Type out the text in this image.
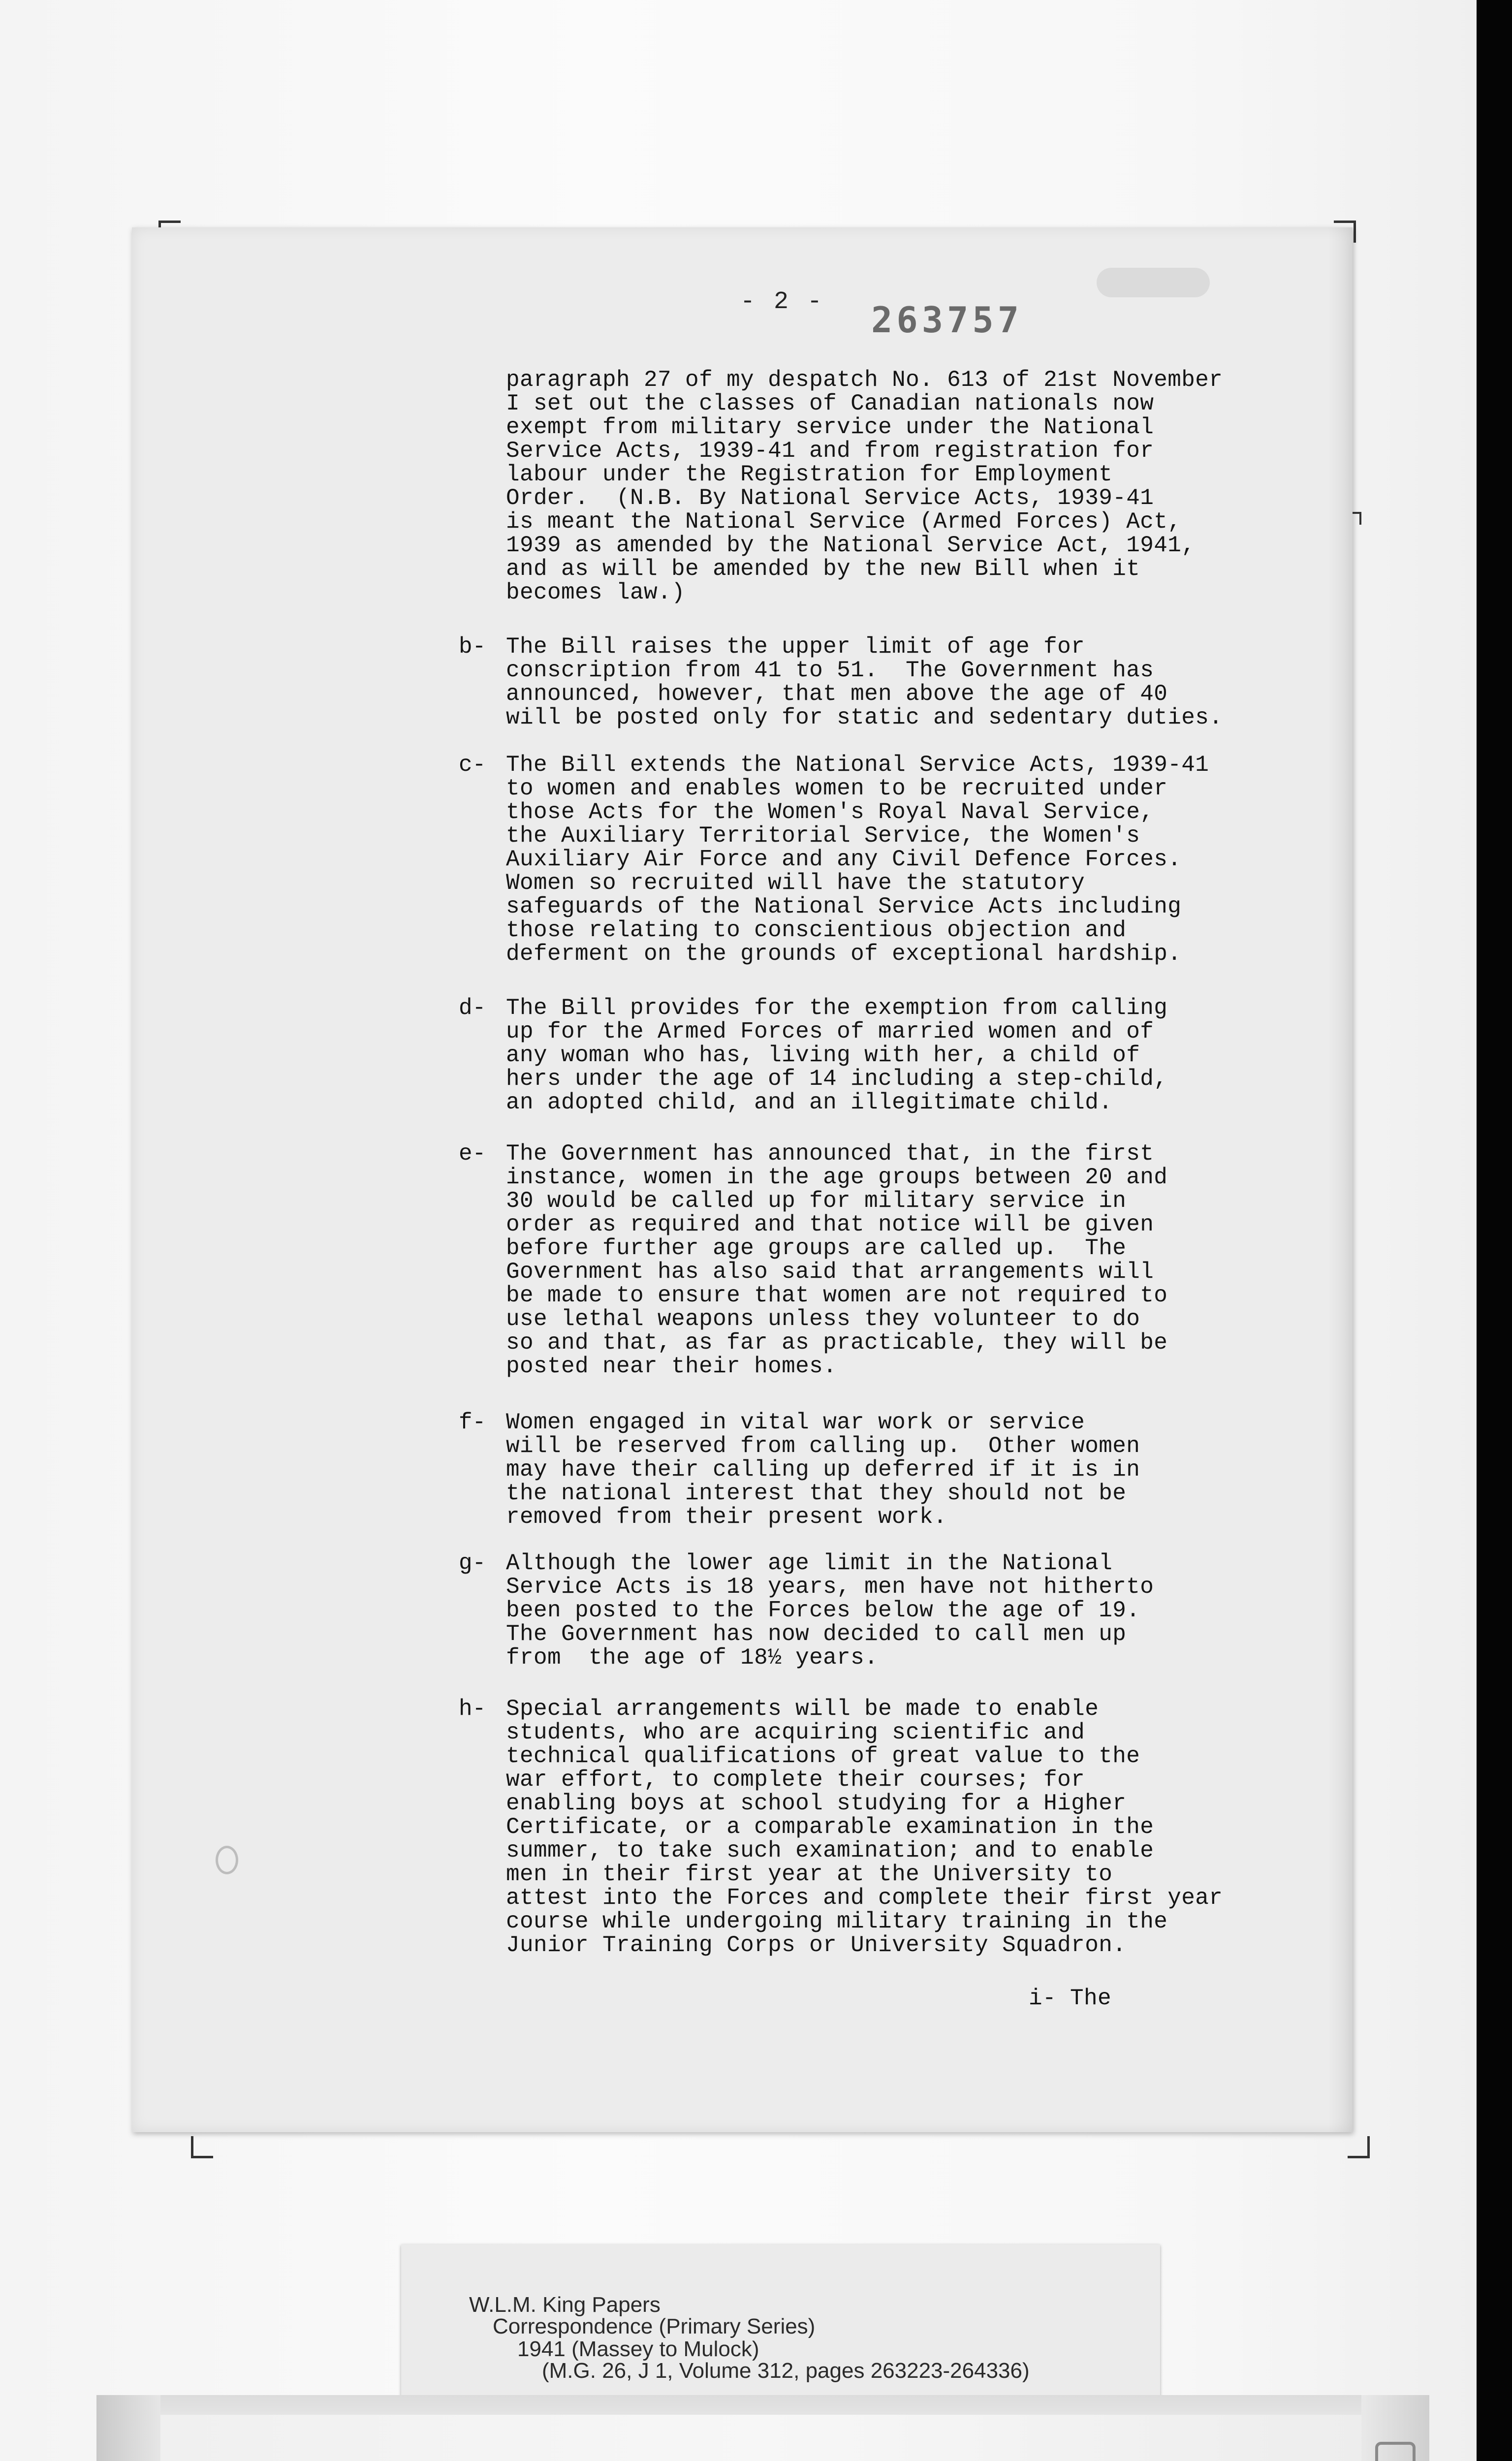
- 2 - 263757
paragraph 27 of my despatch No. 613 of 21st November
I set out the classes of Canadian nationals now
exempt from military service under the National
Service Acts, 1939-41 and from registration for
labour under the Registration for Employment
Order.  (N.B. By National Service Acts, 1939-41
is meant the National Service (Armed Forces) Act,
1939 as amended by the National Service Act, 1941,
and as will be amended by the new Bill when it
becomes law.)
b- The Bill raises the upper limit of age for
conscription from 41 to 51.  The Government has
announced, however, that men above the age of 40
will be posted only for static and sedentary duties.
c- The Bill extends the National Service Acts, 1939-41
to women and enables women to be recruited under
those Acts for the Women's Royal Naval Service,
the Auxiliary Territorial Service, the Women's
Auxiliary Air Force and any Civil Defence Forces.
Women so recruited will have the statutory
safeguards of the National Service Acts including
those relating to conscientious objection and
deferment on the grounds of exceptional hardship.
d- The Bill provides for the exemption from calling
up for the Armed Forces of married women and of
any woman who has, living with her, a child of
hers under the age of 14 including a step-child,
an adopted child, and an illegitimate child.
e- The Government has announced that, in the first
instance, women in the age groups between 20 and
30 would be called up for military service in
order as required and that notice will be given
before further age groups are called up.  The
Government has also said that arrangements will
be made to ensure that women are not required to
use lethal weapons unless they volunteer to do
so and that, as far as practicable, they will be
posted near their homes.
f- Women engaged in vital war work or service
will be reserved from calling up.  Other women
may have their calling up deferred if it is in
the national interest that they should not be
removed from their present work.
g- Although the lower age limit in the National
Service Acts is 18 years, men have not hitherto
been posted to the Forces below the age of 19.
The Government has now decided to call men up
from  the age of 18½ years.
h- Special arrangements will be made to enable
students, who are acquiring scientific and
technical qualifications of great value to the
war effort, to complete their courses; for
enabling boys at school studying for a Higher
Certificate, or a comparable examination in the
summer, to take such examination; and to enable
men in their first year at the University to
attest into the Forces and complete their first year
course while undergoing military training in the
Junior Training Corps or University Squadron.
i- The
W.L.M. King Papers
Correspondence (Primary Series)
1941 (Massey to Mulock)
(M.G. 26, J 1, Volume 312, pages 263223-264336)
